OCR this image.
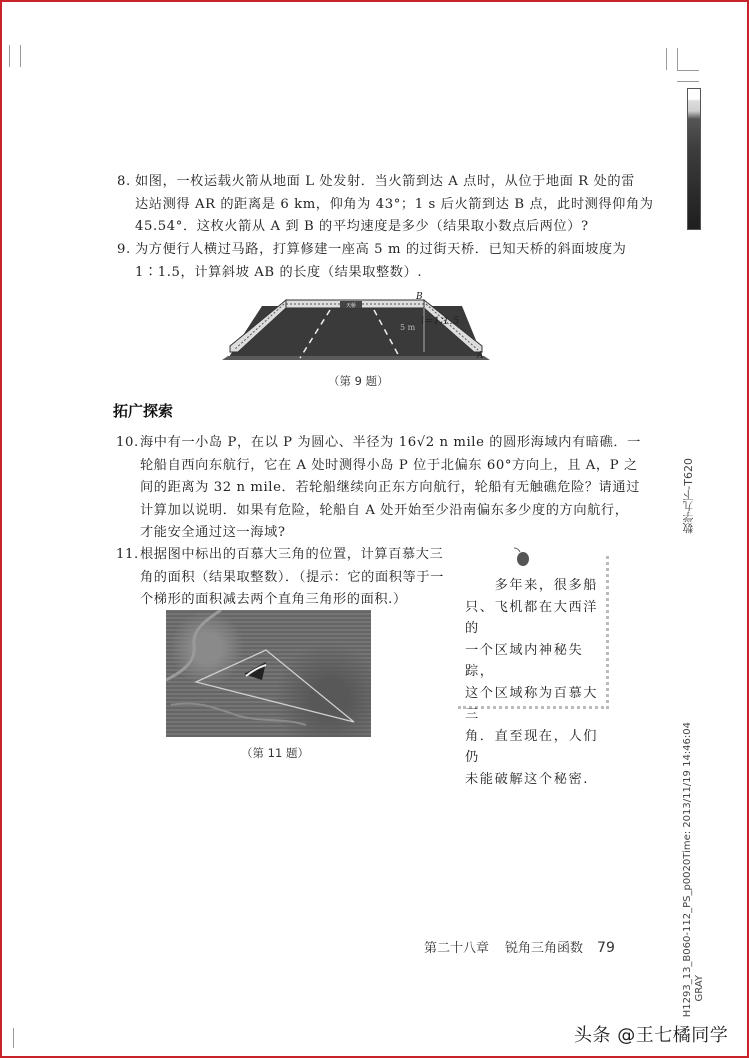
8. 如图，一枚运载火箭从地面 L 处发射．当火箭到达 A 点时，从位于地面 R 处的雷
达站测得 AR 的距离是 6 km，仰角为 43°；1 s 后火箭到达 B 点，此时测得仰角为
45.54°．这枚火箭从 A 到 B 的平均速度是多少（结果取小数点后两位）?
9. 为方便行人横过马路，打算修建一座高 5 m 的过街天桥．已知天桥的斜面坡度为
1∶1.5，计算斜坡 AB 的长度（结果取整数）.
天桥
5 m
B
A
i=1∶1.5
（第 9 题）
拓广探索
10. 海中有一小岛 P，在以 P 为圆心、半径为 16√2 n mile 的圆形海域内有暗礁．一
轮船自西向东航行，它在 A 处时测得小岛 P 位于北偏东 60°方向上，且 A，P 之
间的距离为 32 n mile．若轮船继续向正东方向航行，轮船有无触礁危险？请通过
计算加以说明．如果有危险，轮船自 A 处开始至少沿南偏东多少度的方向航行，
才能安全通过这一海域?
11. 根据图中标出的百慕大三角的位置，计算百慕大三
角的面积（结果取整数）．（提示：它的面积等于一
个梯形的面积减去两个直角三角形的面积.）
（第 11 题）
　　多年来，很多船
只、飞机都在大西洋的
一个区域内神秘失踪，
这个区域称为百慕大三
角．直至现在，人们仍
未能破解这个秘密.
数学九下-T620
H1293_13_B060-112_PS_p0020Time: 2013/11/19 14:46:04 GRAY
第二十八章 锐角三角函数 79
头条 @王七橘同学
